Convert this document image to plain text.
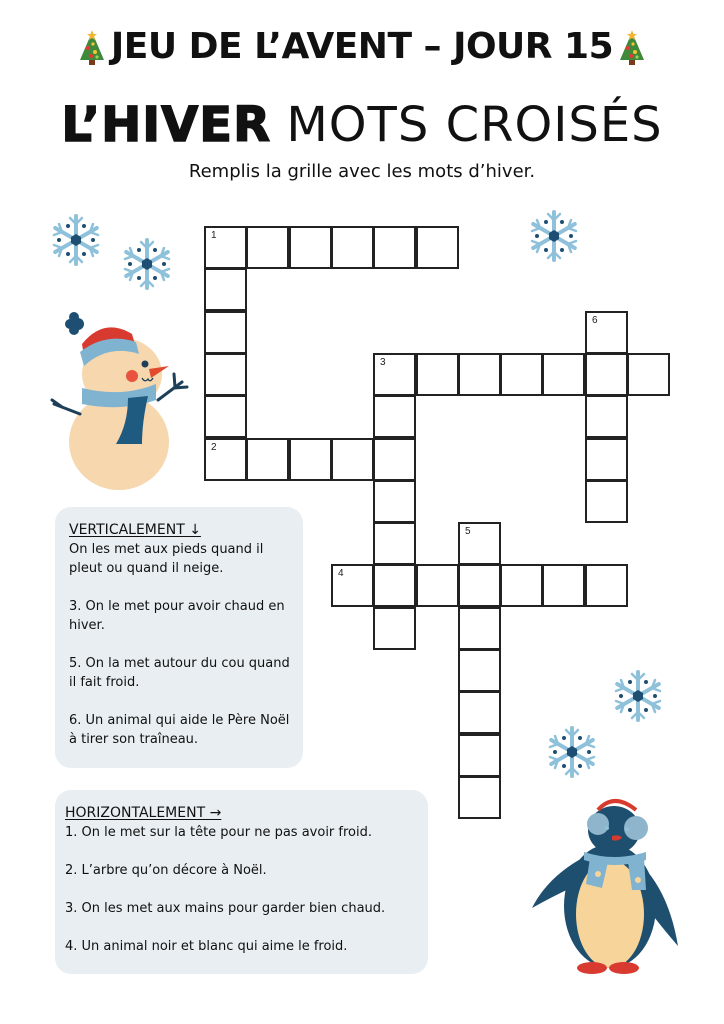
JEU DE L’AVENT – JOUR 15
L’HIVER MOTS CROISÉS
Remplis la grille avec les mots d’hiver.
1
2
3
4
5
6
VERTICALEMENT ↓
On les met aux pieds quand il pleut ou quand il neige.
3. On le met pour avoir chaud en hiver.
5. On la met autour du cou quand il fait froid.
6. Un animal qui aide le Père Noël à tirer son traîneau.
HORIZONTALEMENT →
1. On le met sur la tête pour ne pas avoir froid.
2. L’arbre qu’on décore à Noël.
3. On les met aux mains pour garder bien chaud.
4. Un animal noir et blanc qui aime le froid.
